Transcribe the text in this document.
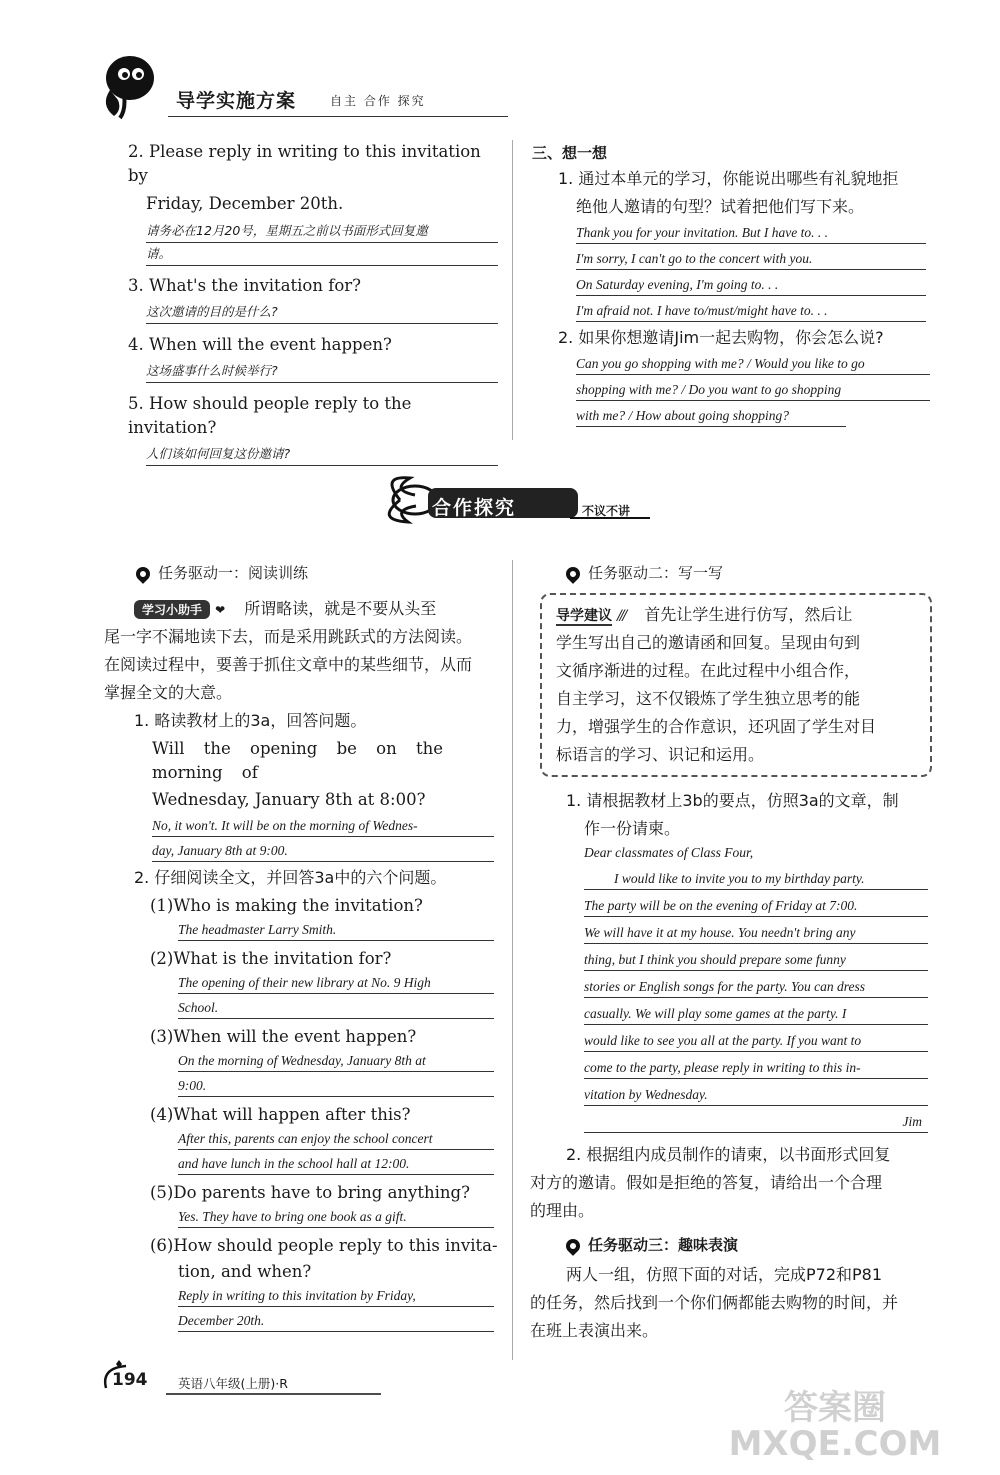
导学实施方案	自主 合作 探究
2. Please reply in writing to this invitation by
Friday, December 20th.
请务必在12月20号，星期五之前以书面形式回复邀
请。
3. What's the invitation for?
这次邀请的目的是什么?
4. When will the event happen?
这场盛事什么时候举行?
5. How should people reply to the invitation?
人们该如何回复这份邀请?
三、想一想
1. 通过本单元的学习，你能说出哪些有礼貌地拒
绝他人邀请的句型？试着把他们写下来。
Thank you for your invitation. But I have to. . .
I'm sorry, I can't go to the concert with you.
On Saturday evening, I'm going to. . .
I'm afraid not. I have to/must/might have to. . .
2. 如果你想邀请Jim一起去购物，你会怎么说?
Can you go shopping with me? / Would you like to go
shopping with me? / Do you want to go shopping
with me? / How about going shopping?
合作探究	不议不讲
任务驱动一：阅读训练
学习小助手 ❤ 所谓略读，就是不要从头至
尾一字不漏地读下去，而是采用跳跃式的方法阅读。
在阅读过程中，要善于抓住文章中的某些细节，从而
掌握全文的大意。
1. 略读教材上的3a，回答问题。
Will the opening be on the morning of
Wednesday, January 8th at 8:00?
No, it won't. It will be on the morning of Wednes-
day, January 8th at 9:00.
2. 仔细阅读全文，并回答3a中的六个问题。
(1)Who is making the invitation?
The headmaster Larry Smith.
(2)What is the invitation for?
The opening of their new library at No. 9 High
School.
(3)When will the event happen?
On the morning of Wednesday, January 8th at
9:00.
(4)What will happen after this?
After this, parents can enjoy the school concert
and have lunch in the school hall at 12:00.
(5)Do parents have to bring anything?
Yes. They have to bring one book as a gift.
(6)How should people reply to this invita-
tion, and when?
Reply in writing to this invitation by Friday,
December 20th.
任务驱动二：写一写
导学建议 /// 首先让学生进行仿写，然后让
学生写出自己的邀请函和回复。呈现由句到
文循序渐进的过程。在此过程中小组合作，
自主学习，这不仅锻炼了学生独立思考的能
力，增强学生的合作意识，还巩固了学生对目
标语言的学习、识记和运用。
1. 请根据教材上3b的要点，仿照3a的文章，制
作一份请柬。
Dear classmates of Class Four,
I would like to invite you to my birthday party.
The party will be on the evening of Friday at 7:00.
We will have it at my house. You needn't bring any
thing, but I think you should prepare some funny
stories or English songs for the party. You can dress
casually. We will play some games at the party. I
would like to see you all at the party. If you want to
come to the party, please reply in writing to this in-
vitation by Wednesday.
Jim
2. 根据组内成员制作的请柬，以书面形式回复
对方的邀请。假如是拒绝的答复，请给出一个合理
的理由。
任务驱动三：趣味表演
两人一组，仿照下面的对话，完成P72和P81
的任务，然后找到一个你们俩都能去购物的时间，并
在班上表演出来。
194 英语八年级(上册)·R
答案圈 MXQE.COM
